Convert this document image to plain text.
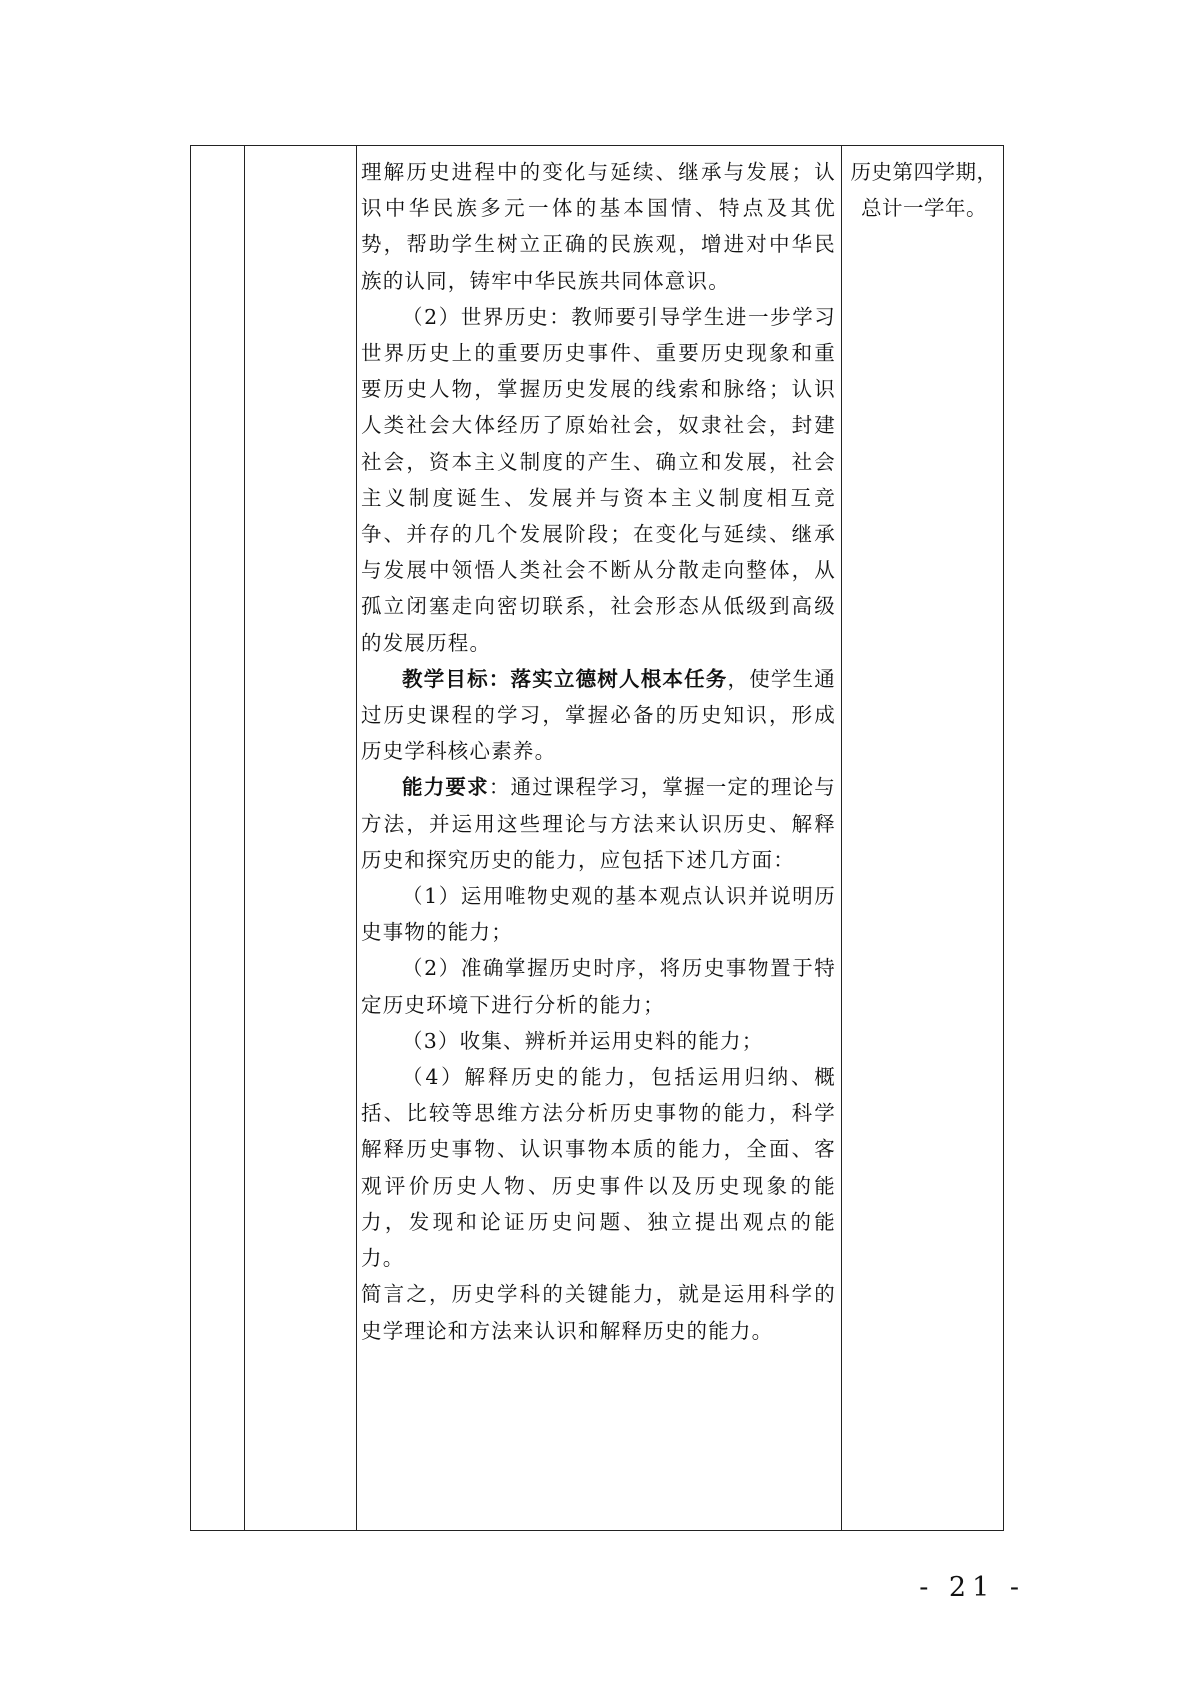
理解历史进程中的变化与延续、继承与发展；认识中华民族多元一体的基本国情、特点及其优势，帮助学生树立正确的民族观，增进对中华民族的认同，铸牢中华民族共同体意识。

（2）世界历史：教师要引导学生进一步学习世界历史上的重要历史事件、重要历史现象和重要历史人物，掌握历史发展的线索和脉络；认识人类社会大体经历了原始社会，奴隶社会，封建社会，资本主义制度的产生、确立和发展，社会主义制度诞生、发展并与资本主义制度相互竞争、并存的几个发展阶段；在变化与延续、继承与发展中领悟人类社会不断从分散走向整体，从孤立闭塞走向密切联系，社会形态从低级到高级的发展历程。

教学目标：落实立德树人根本任务，使学生通过历史课程的学习，掌握必备的历史知识，形成历史学科核心素养。

能力要求：通过课程学习，掌握一定的理论与方法，并运用这些理论与方法来认识历史、解释历史和探究历史的能力，应包括下述几方面：

（1）运用唯物史观的基本观点认识并说明历史事物的能力；

（2）准确掌握历史时序，将历史事物置于特定历史环境下进行分析的能力；

（3）收集、辨析并运用史料的能力；

（4）解释历史的能力，包括运用归纳、概括、比较等思维方法分析历史事物的能力，科学解释历史事物、认识事物本质的能力，全面、客观评价历史人物、历史事件以及历史现象的能力，发现和论证历史问题、独立提出观点的能力。

简言之，历史学科的关键能力，就是运用科学的史学理论和方法来认识和解释历史的能力。

历史第四学期，总计一学年。
- 21 -
